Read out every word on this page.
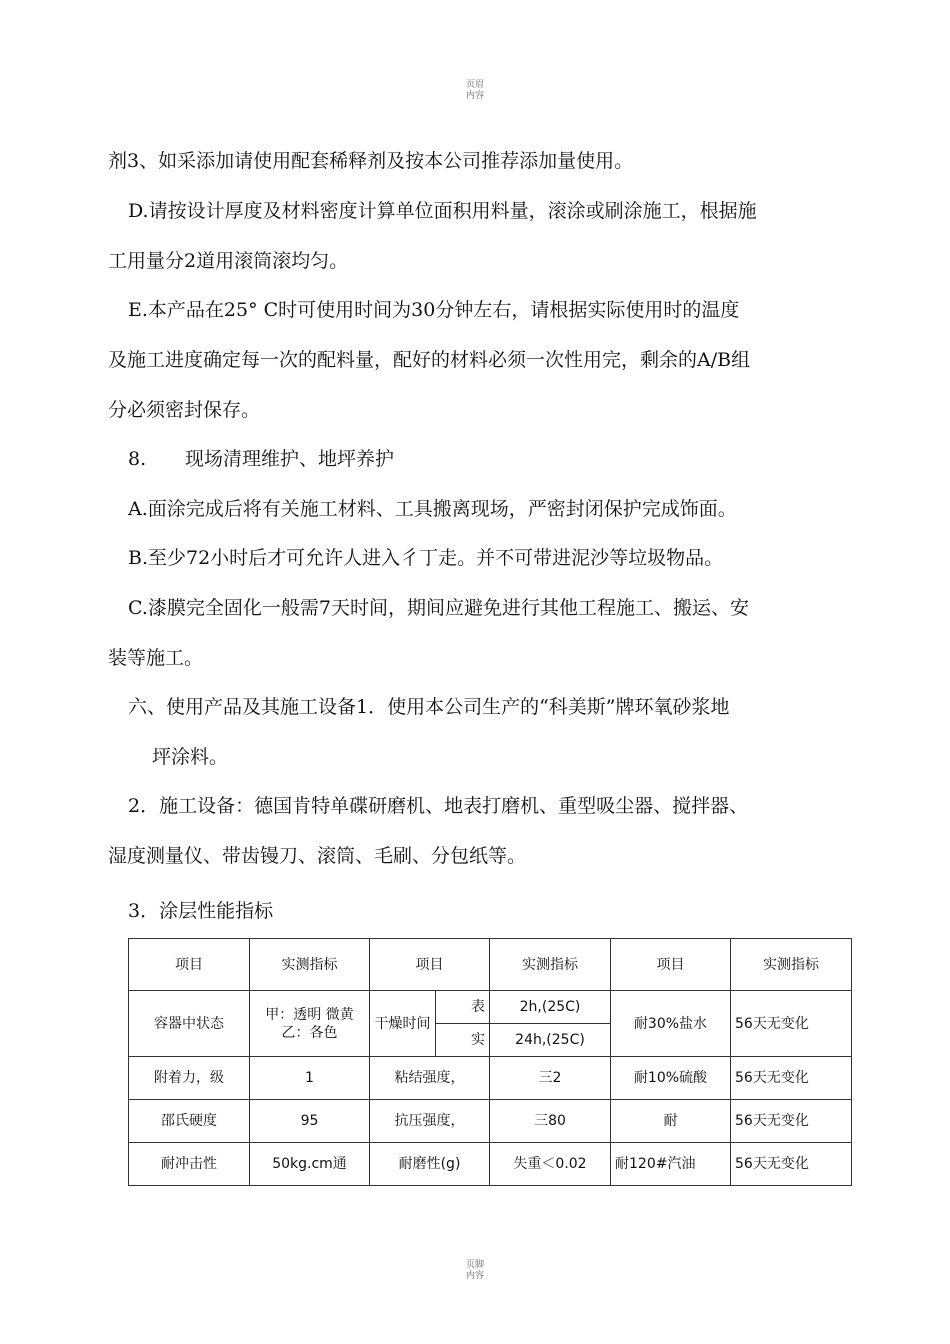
页眉
内容
剂3、如采添加请使用配套稀释剂及按本公司推荐添加量使用。
D.请按设计厚度及材料密度计算单位面积用料量，滚涂或刷涂施工，根据施
工用量分2道用滚筒滚均匀。
E.本产品在25° C时可使用时间为30分钟左右，请根据实际使用时的温度
及施工进度确定每一次的配料量，配好的材料必须一次性用完，剩余的A/B组
分必须密封保存。
8. 现场清理维护、地坪养护
A.面涂完成后将有关施工材料、工具搬离现场，严密封闭保护完成饰面。
B.至少72小时后才可允许人进入彳丁走。并不可带进泥沙等垃圾物品。
C.漆膜完全固化一般需7天时间，期间应避免进行其他工程施工、搬运、安
装等施工。
六、使用产品及其施工设备1．使用本公司生产的“科美斯”牌环氧砂浆地
坪涂料。
2．施工设备：德国肯特单碟研磨机、地表打磨机、重型吸尘器、搅拌器、
湿度测量仪、带齿镘刀、滚筒、毛刷、分包纸等。
3．涂层性能指标
项目	实测指标	项目		实测指标	项目	实测指标
容器中状态	甲：透明 微黄 乙：各色	干燥时间	表	2h,(25C)	耐30%盐水	56天无变化
			实	24h,(25C)		
附着力，级	1	粘结强度，		三2	耐10%硫酸	56天无变化
邵氏硬度	95	抗压强度，		三80	耐	56天无变化
耐冲击性	50kg.cm通	耐磨性(g)		失重＜0.02	耐120#汽油	56天无变化
页脚
内容
